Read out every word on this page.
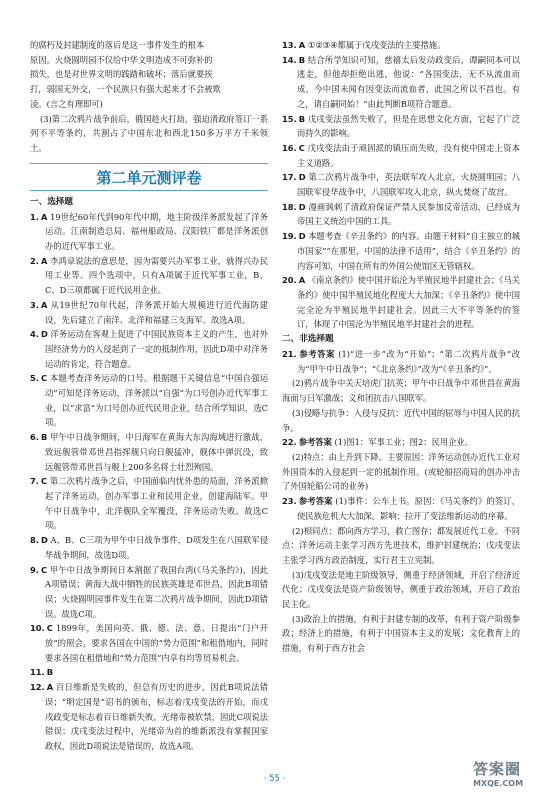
的腐朽及封建制度的落后是这一事件发生的根本

原因。火烧圆明园不仅给中华文明造成不可弥补的

损失，也是对世界文明的践踏和破坏；落后就要挨

打，弱国无外交，一个民族只有强大起来才不会被欺

凌。(言之有理即可)

(3)第二次鸦片战争前后，俄国趁火打劫，强迫清政府签订一系列不平等条约，共割占了中国东北和西北150多万平方千米领土。

第二单元测评卷

一、选择题

1. A 19世纪60年代到90年代中期，地主阶级洋务派发起了洋务运动。江南制造总局、福州船政局、汉阳铁厂都是洋务派创办的近代军事工业。

2. A 李鸿章说法的意思是，因为需要兴办军事工业，就得兴办民用工业等。四个选项中，只有A项属于近代军事工业，B、C、D三项都属于近代民用企业。

3. A 从19世纪70年代起，洋务派开始大规模进行近代海防建设，先后建立了南洋、北洋和福建三支海军。故选A项。

4. D 洋务运动在客观上促进了中国民族资本主义的产生，也对外国经济势力的入侵起到了一定的抵制作用，因此D项中对洋务运动的肯定，符合题意。

5. C 本题考查洋务运动的口号。根据题干关键信息“中国自强运动”可知是洋务运动，洋务派以“自强”为口号创办近代军事工业，以“求富”为口号创办近代民用企业，结合所学知识，选C项。

6. B 甲午中日战争期间，中日海军在黄海大东沟海域进行激战，致远舰管带邓世昌指挥舰只向日舰猛冲，舰体中弹沉没，致远舰管带邓世昌与舰上200多名将士壮烈殉国。

7. C 第二次鸦片战争之后，中国面临内忧外患的局面，洋务派掀起了洋务运动，创办军事工业和民用企业，创建海陆军。甲午中日战争中，北洋舰队全军覆没，洋务运动失败。故选C项。

8. D A、B、C三项为甲午中日战争事件，D项发生在八国联军侵华战争期间，故选D项。

9. C 甲午中日战争期间日本割据了我国台湾(《马关条约》)，因此A项错误；黄海大战中牺牲的民族英雄是邓世昌，因此B项错误；火烧圆明园事件发生在第二次鸦片战争期间，因此D项错误。故选C项。

10. C 1899年，美国向英、俄、德、法、意、日提出“门户开放”的照会，要求各国在中国的“势力范围”和租借地内，同时要求各国在租借地和“势力范围”内享有均等贸易机会。

11. B

12. A 百日维新是失败的，但总有历史的进步，因此B项说法错误；“明定国是”诏书的颁布，标志着戊戌变法的开始，而戊戌政变是标志着百日维新失败，光绪帝被软禁，因此C项说法错误；戊戌变法过程中，光绪帝为首的维新派没有掌握国家政权，因此D项说法是错误的，故选A项。

13. A ①②③④都属于戊戌变法的主要措施。

14. B 结合所学知识可知，慈禧太后发动政变后，谭嗣同本可以逃走，但他却拒绝出逃，他说：“各国变法，无不从流血而成，今中国未闻有因变法而流血者，此国之所以不昌也。有之，请自嗣同始！”由此判断B项符合题意。

15. B 戊戌变法虽然失败了，但是在思想文化方面，它起了广泛而持久的影响。

16. C 戊戌变法由于顽固派的镇压而失败，没有使中国走上资本主义道路。

17. D 第二次鸦片战争中，英法联军攻入北京，火烧圆明园；八国联军侵华战争中，八国联军攻入北京，纵火焚烧了故宫。

18. D 漫画讽刺了清政府保证严禁人民参加反帝活动，已经成为帝国主义统治中国的工具。

19. D 本题考查《辛丑条约》的内容。由题干材料“自主独立的城市国家”“在那里，中国的法律不适用”，结合《辛丑条约》的内容可知，中国在所有的外国公使馆区无管辖权。

20. A 《南京条约》使中国开始沦为半殖民地半封建社会；《马关条约》使中国半殖民地化程度大大加深；《辛丑条约》使中国完全沦为半殖民地半封建社会。因此三大不平等条约的签订，体现了中国沦为半殖民地半封建社会的进程。

二、非选择题

21. 参考答案 (1)“进一步”改为“开始”；“第二次鸦片战争”改为“甲午中日战争”；“《北京条约》”改为“《辛丑条约》”。

(2)鸦片战争中关天培虎门抗英；甲午中日战争中邓世昌在黄海海面与日军激战；义和团抗击八国联军。

(3)侵略与抗争：入侵与反抗：近代中国的屈辱与中国人民的抗争。

22. 参考答案 (1)图1：军事工业；图2：民用企业。

(2)特点：由上升到下降。主要原因：洋务运动创办近代工业对外国资本的入侵起到一定的抵制作用。(或轮船招商局的创办冲击了外国轮船公司的业务)

23. 参考答案 (1)事件：公车上书。原因：《马关条约》的签订，使民族危机大大加深。影响：拉开了变法维新运动的序幕。

(2)相同点：都向西方学习，救亡图存；都发展近代工业。不同点：洋务运动主张学习西方先进技术，维护封建统治；戊戌变法主张学习西方政治制度，实行君主立宪制。

(3)戊戌变法是地主阶级领导，侧重于经济领域，开启了经济近代化；戊戌变法是资产阶级领导，侧重于政治领域，开启了政治民主化。

(3)政治上的措施，有利于封建专制的改革，有利于资产阶级参政；经济上的措施，有利于中国资本主义的发展；文化教育上的措施，有利于西方社会

· 55 ·
答案圈
MXQE.COM
